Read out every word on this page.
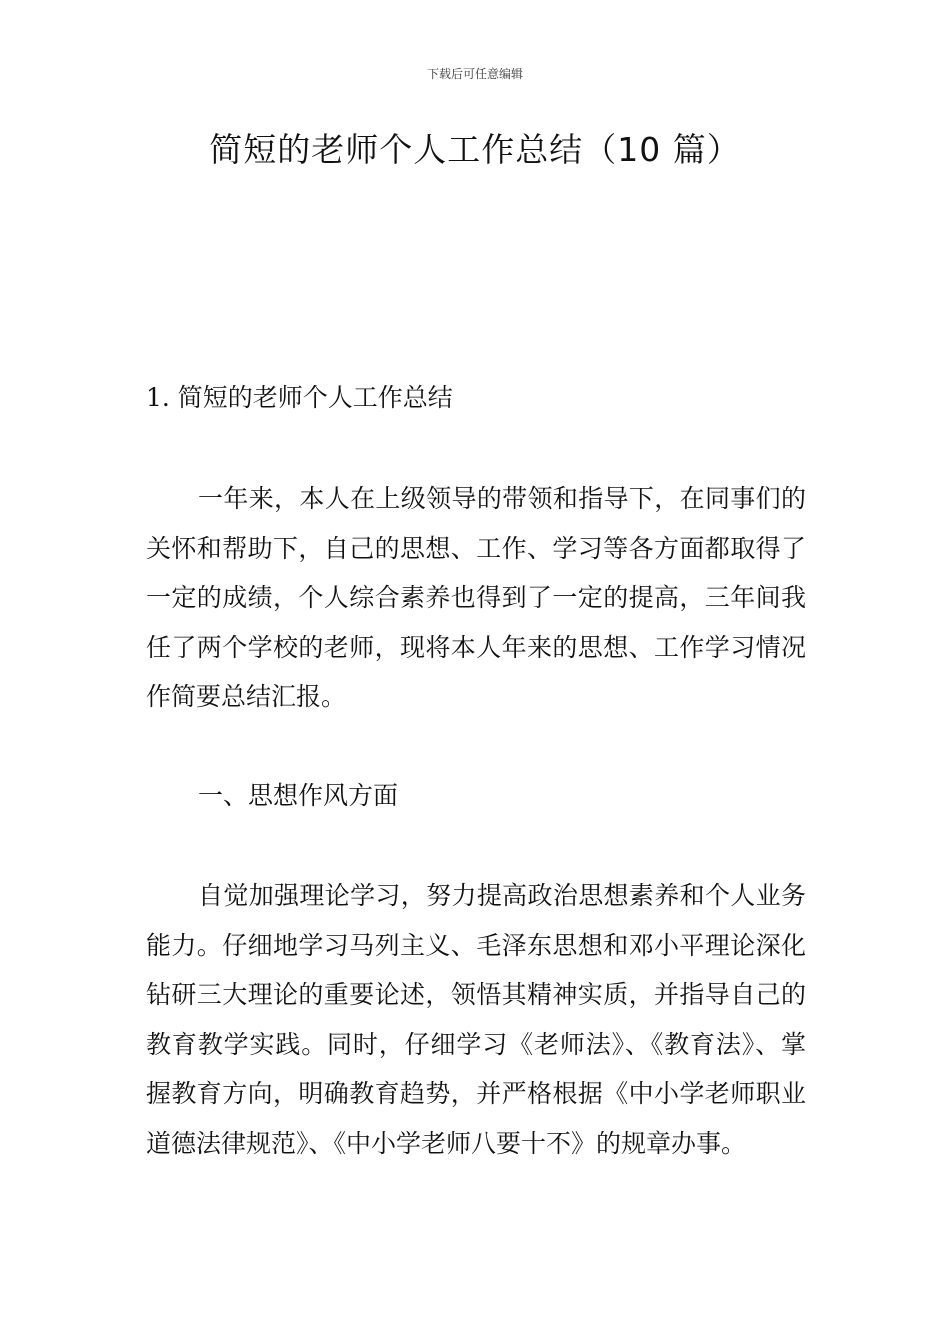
下载后可任意编辑
简短的老师个人工作总结（10 篇）
1. 简短的老师个人工作总结

一年来，本人在上级领导的带领和指导下，在同事们的关怀和帮助下，自己的思想、工作、学习等各方面都取得了一定的成绩，个人综合素养也得到了一定的提高，三年间我任了两个学校的老师，现将本人年来的思想、工作学习情况作简要总结汇报。

一、思想作风方面

自觉加强理论学习，努力提高政治思想素养和个人业务能力。仔细地学习马列主义、毛泽东思想和邓小平理论深化钻研三大理论的重要论述，领悟其精神实质，并指导自己的教育教学实践。同时，仔细学习《老师法》、《教育法》、掌握教育方向，明确教育趋势，并严格根据《中小学老师职业道德法律规范》、《中小学老师八要十不》的规章办事。
